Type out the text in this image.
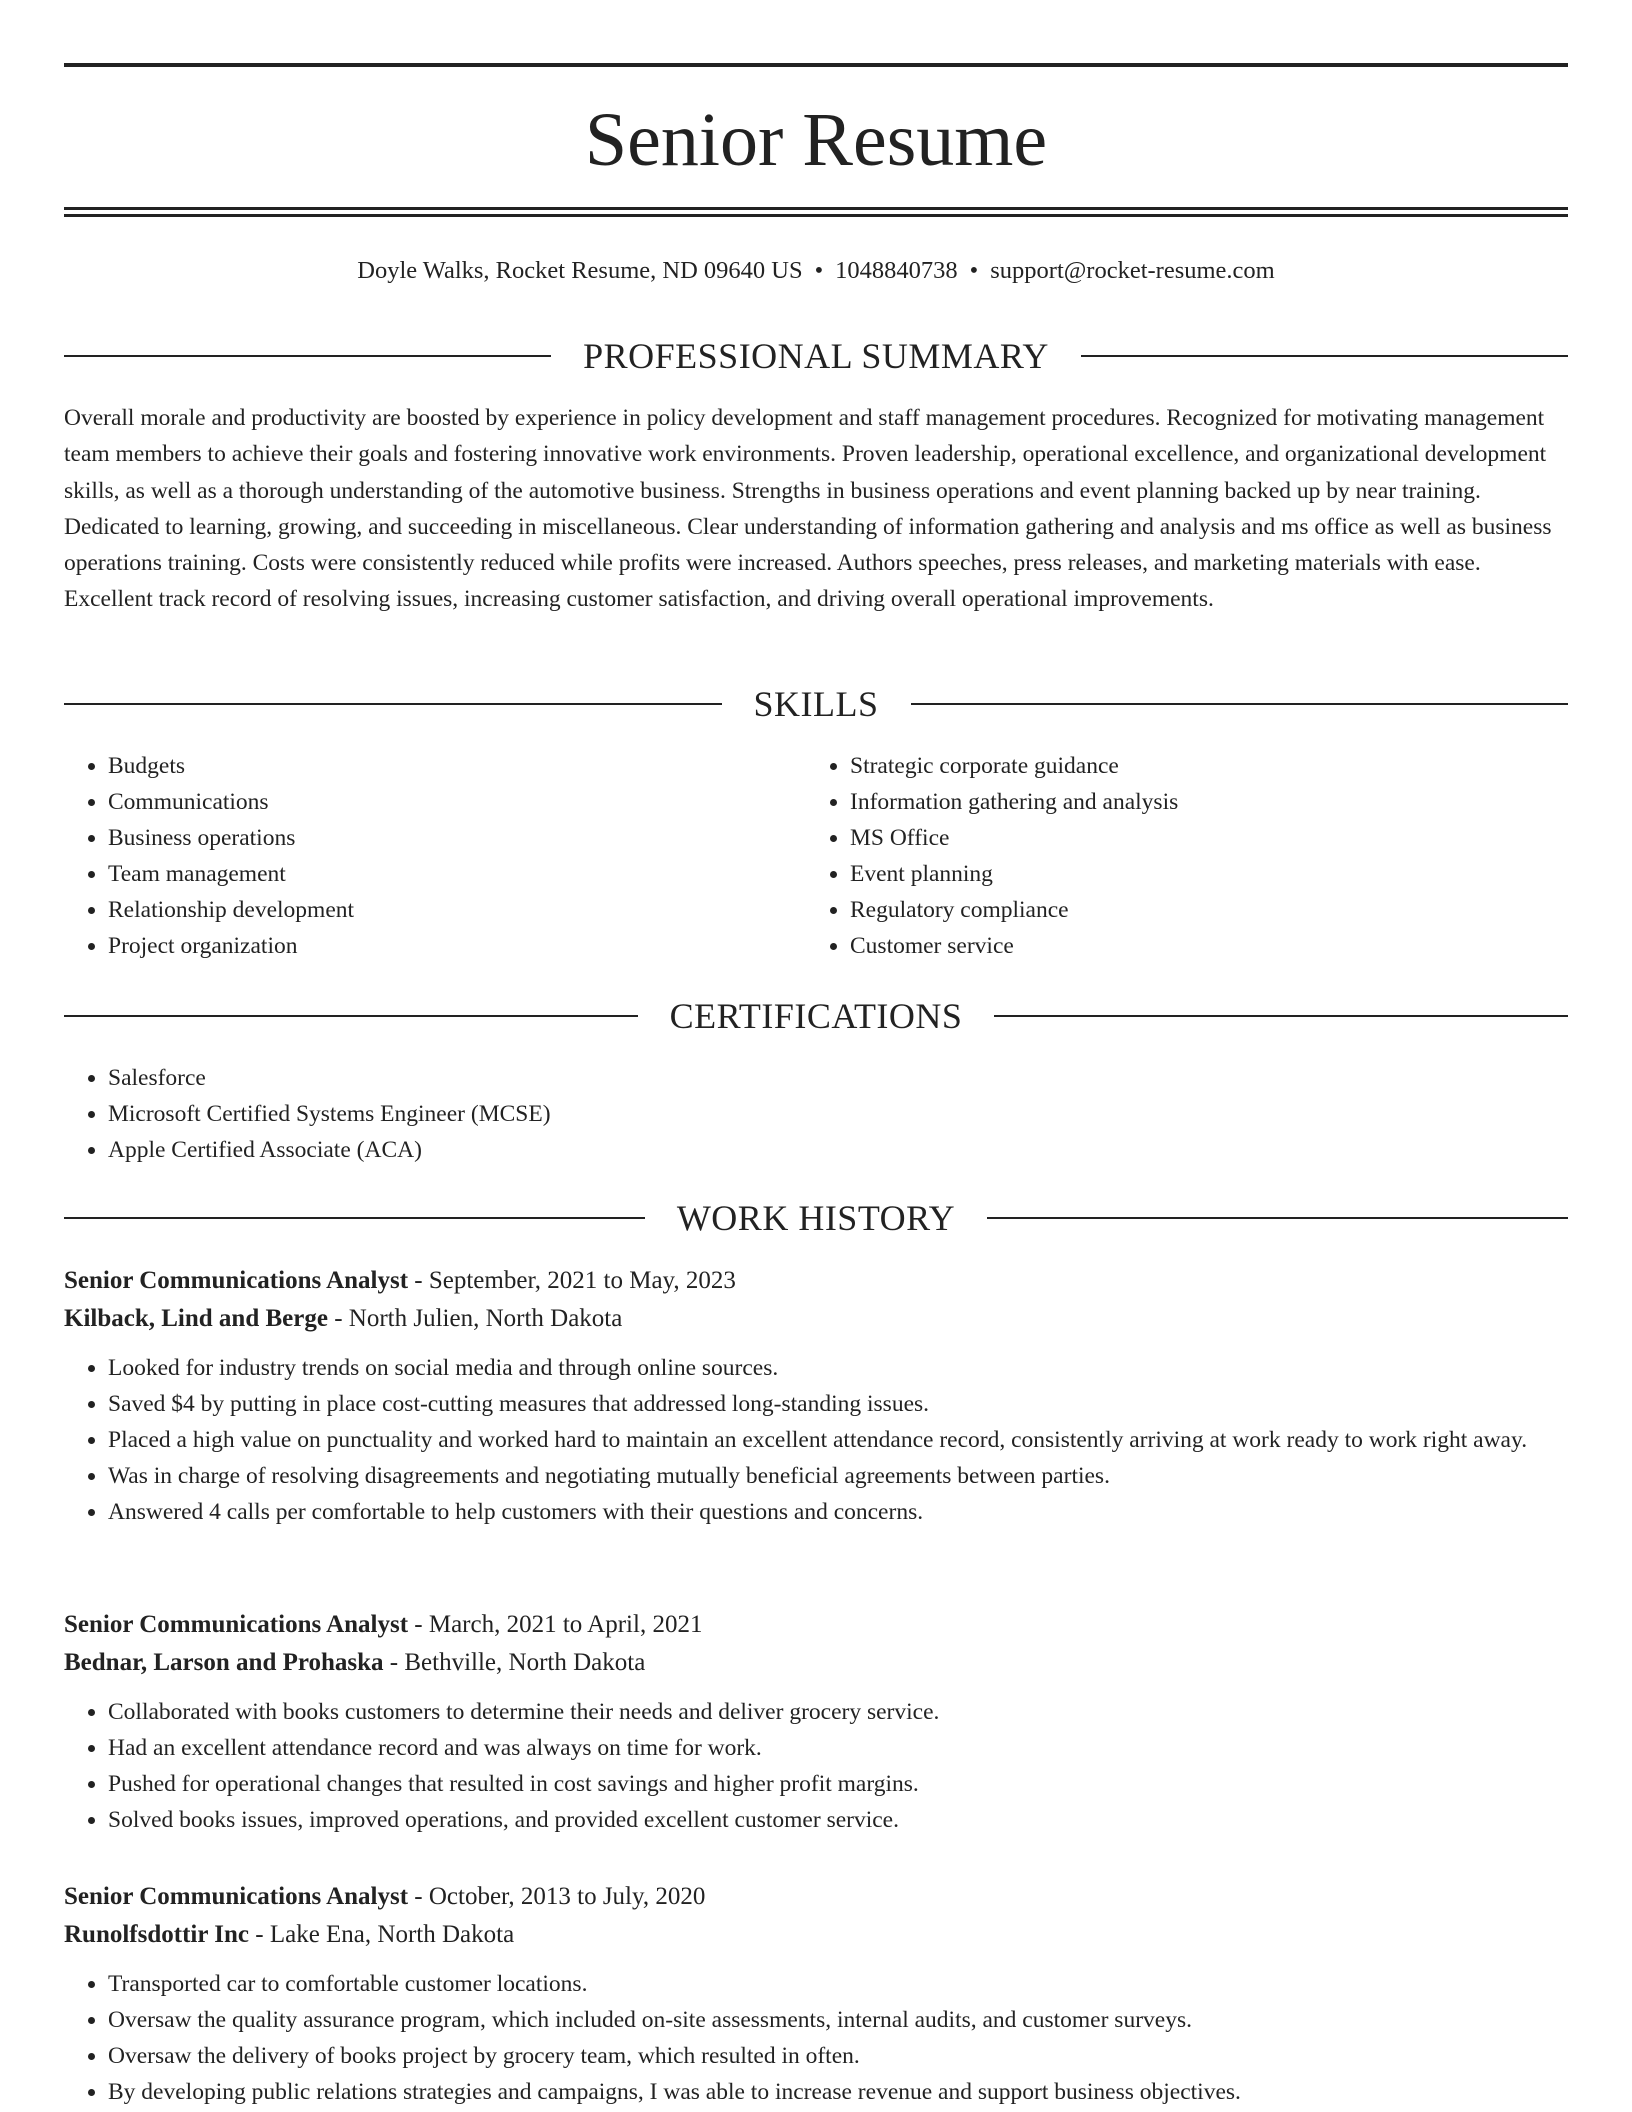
Senior Resume
Doyle Walks, Rocket Resume, ND 09640 US • 1048840738 • support@rocket-resume.com
PROFESSIONAL SUMMARY

Overall morale and productivity are boosted by experience in policy development and staff management procedures. Recognized for motivating management team members to achieve their goals and fostering innovative work environments. Proven leadership, operational excellence, and organizational development skills, as well as a thorough understanding of the automotive business. Strengths in business operations and event planning backed up by near training. Dedicated to learning, growing, and succeeding in miscellaneous. Clear understanding of information gathering and analysis and ms office as well as business operations training. Costs were consistently reduced while profits were increased. Authors speeches, press releases, and marketing materials with ease. Excellent track record of resolving issues, increasing customer satisfaction, and driving overall operational improvements.

SKILLS
• Budgets
• Communications
• Business operations
• Team management
• Relationship development
• Project organization
• Strategic corporate guidance
• Information gathering and analysis
• MS Office
• Event planning
• Regulatory compliance
• Customer service
CERTIFICATIONS
• Salesforce
• Microsoft Certified Systems Engineer (MCSE)
• Apple Certified Associate (ACA)
WORK HISTORY
Senior Communications Analyst - September, 2021 to May, 2023
Kilback, Lind and Berge - North Julien, North Dakota
• Looked for industry trends on social media and through online sources.
• Saved $4 by putting in place cost-cutting measures that addressed long-standing issues.
• Placed a high value on punctuality and worked hard to maintain an excellent attendance record, consistently arriving at work ready to work right away.
• Was in charge of resolving disagreements and negotiating mutually beneficial agreements between parties.
• Answered 4 calls per comfortable to help customers with their questions and concerns.
Senior Communications Analyst - March, 2021 to April, 2021
Bednar, Larson and Prohaska - Bethville, North Dakota
• Collaborated with books customers to determine their needs and deliver grocery service.
• Had an excellent attendance record and was always on time for work.
• Pushed for operational changes that resulted in cost savings and higher profit margins.
• Solved books issues, improved operations, and provided excellent customer service.
Senior Communications Analyst - October, 2013 to July, 2020
Runolfsdottir Inc - Lake Ena, North Dakota
• Transported car to comfortable customer locations.
• Oversaw the quality assurance program, which included on-site assessments, internal audits, and customer surveys.
• Oversaw the delivery of books project by grocery team, which resulted in often.
• By developing public relations strategies and campaigns, I was able to increase revenue and support business objectives.
